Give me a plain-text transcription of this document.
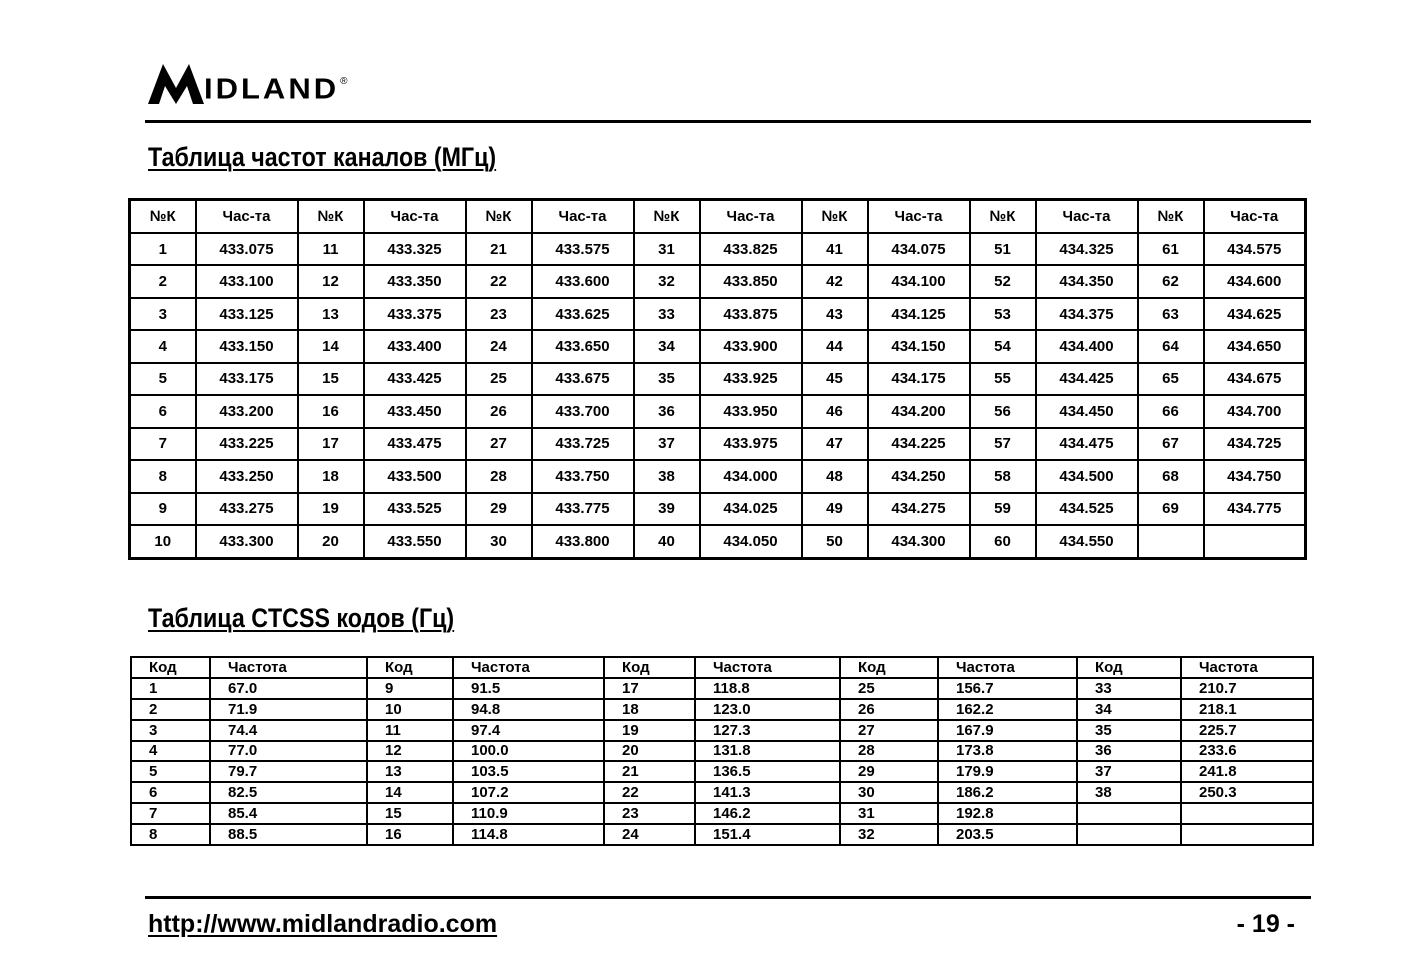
IDLAND ®
Таблица частот каналов (МГц)
№К	Час-та	№К	Час-та	№К	Час-та	№К	Час-та	№К	Час-та	№К	Час-та	№К	Час-та
1	433.075	11	433.325	21	433.575	31	433.825	41	434.075	51	434.325	61	434.575
2	433.100	12	433.350	22	433.600	32	433.850	42	434.100	52	434.350	62	434.600
3	433.125	13	433.375	23	433.625	33	433.875	43	434.125	53	434.375	63	434.625
4	433.150	14	433.400	24	433.650	34	433.900	44	434.150	54	434.400	64	434.650
5	433.175	15	433.425	25	433.675	35	433.925	45	434.175	55	434.425	65	434.675
6	433.200	16	433.450	26	433.700	36	433.950	46	434.200	56	434.450	66	434.700
7	433.225	17	433.475	27	433.725	37	433.975	47	434.225	57	434.475	67	434.725
8	433.250	18	433.500	28	433.750	38	434.000	48	434.250	58	434.500	68	434.750
9	433.275	19	433.525	29	433.775	39	434.025	49	434.275	59	434.525	69	434.775
10	433.300	20	433.550	30	433.800	40	434.050	50	434.300	60	434.550		
Таблица CTCSS кодов (Гц)
Код	Частота	Код	Частота	Код	Частота	Код	Частота	Код	Частота
1	67.0	9	91.5	17	118.8	25	156.7	33	210.7
2	71.9	10	94.8	18	123.0	26	162.2	34	218.1
3	74.4	11	97.4	19	127.3	27	167.9	35	225.7
4	77.0	12	100.0	20	131.8	28	173.8	36	233.6
5	79.7	13	103.5	21	136.5	29	179.9	37	241.8
6	82.5	14	107.2	22	141.3	30	186.2	38	250.3
7	85.4	15	110.9	23	146.2	31	192.8		
8	88.5	16	114.8	24	151.4	32	203.5		
http://www.midlandradio.com	- 19 -
